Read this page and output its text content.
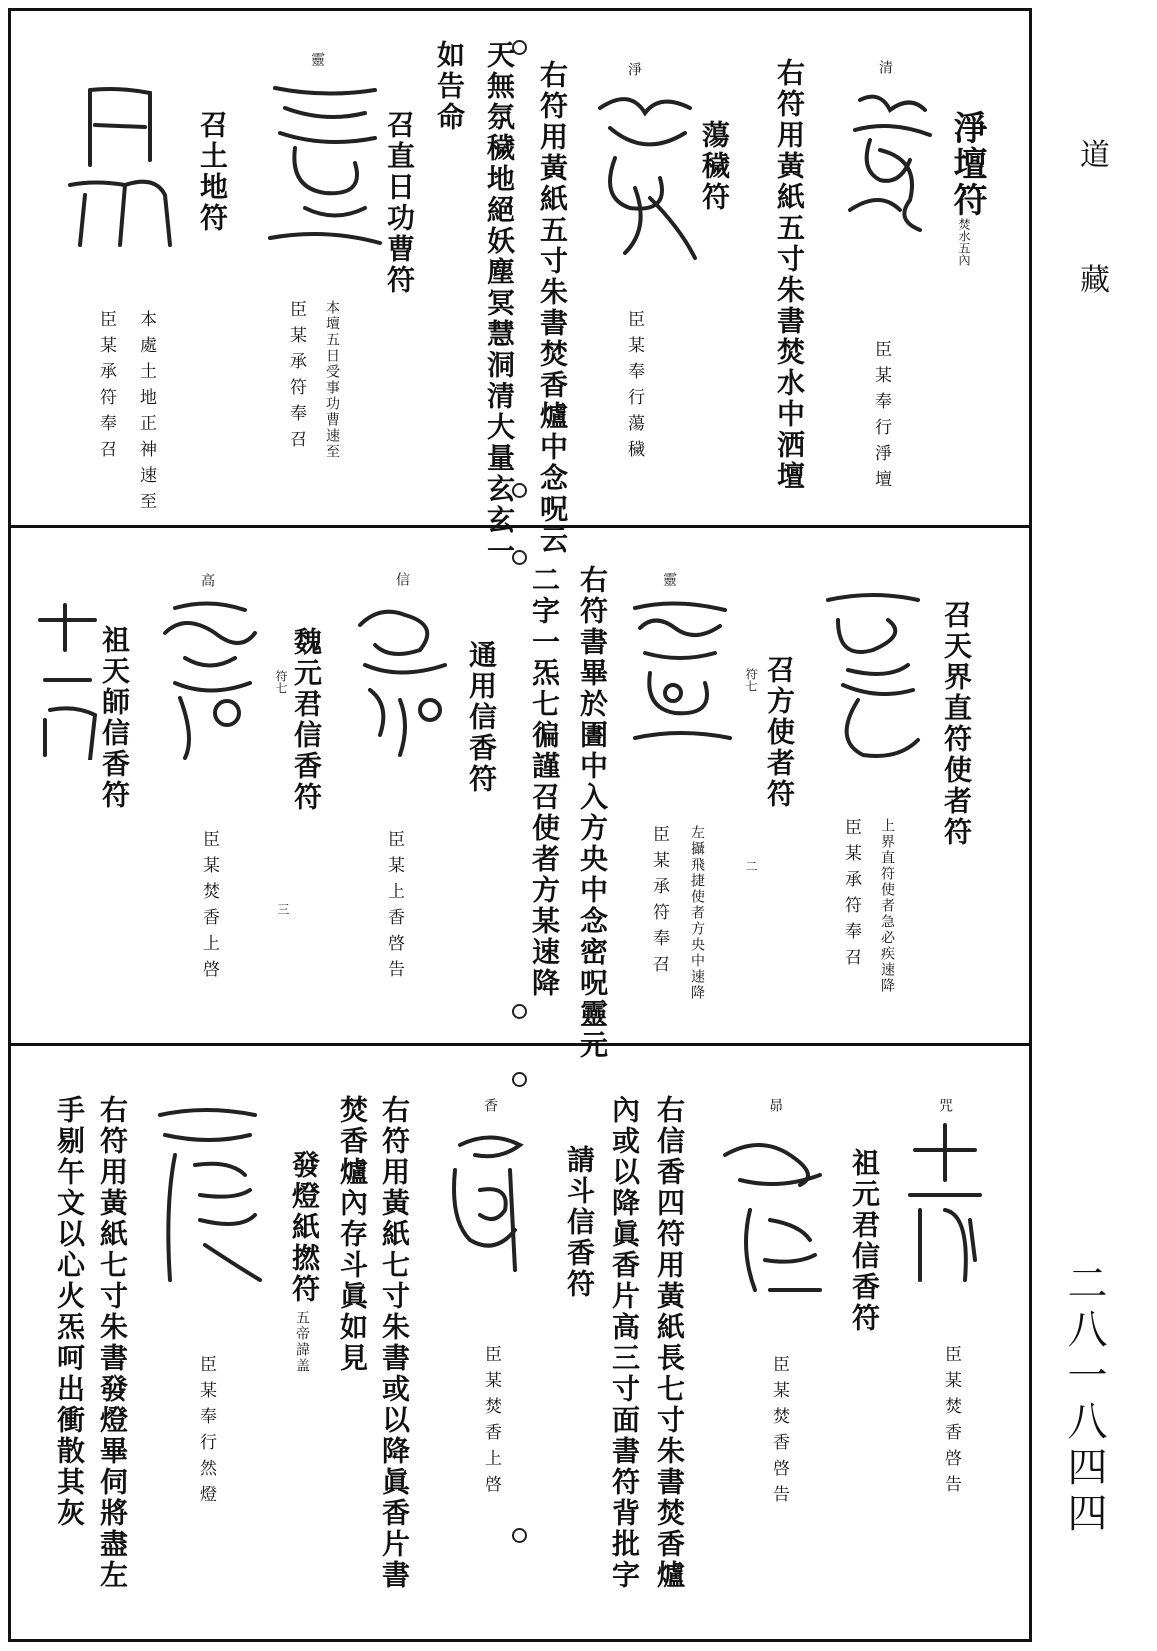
道
藏
二八一八四四
淨壇符
焚水五內
清
臣某奉行淨壇
右符用黃紙五寸朱書焚水中洒壇
蕩穢符
淨
臣某奉行蕩穢
右符用黃紙五寸朱書焚香爐中念呪云
天無氛穢地絕妖塵冥慧洞清大量玄玄一
如告命
召直日功曹符
靈
本壇五日受事功曹速至
臣某承符奉召
召土地符
本處土地正神速至
臣某承符奉召
召天界直符使者符
上界直符使者急必疾速降
臣某承符奉召
召方使者符
符七
靈
左攝飛捷使者方央中速降
臣某承符奉召	二
右符書畢於圕中入方央中念密呪靈元
二字一炁七徧謹召使者方某速降
通用信香符
信
臣某上香啓告
魏元君信香符
符七
三
高
祖天師信香符
臣某焚香上啓
咒
臣某焚香啓告
祖元君信香符
昴
臣某焚香啓告
右信香四符用黃紙長七寸朱書焚香爐
內或以降眞香片高三寸面書符背批字
請斗信香符
香
臣某焚香上啓
右符用黃紙七寸朱書或以降眞香片書
焚香爐內存斗眞如見
發燈紙撚符
五帝諱盖
臣某奉行然燈
右符用黃紙七寸朱書發燈畢伺將盡左
手剔午文以心火炁呵出衝散其灰
